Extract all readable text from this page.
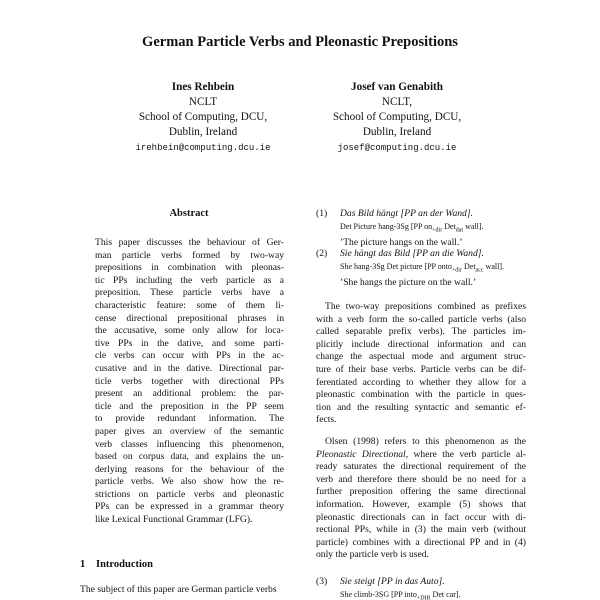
German Particle Verbs and Pleonastic Prepositions
Ines Rehbein
NCLT
School of Computing, DCU,
Dublin, Ireland
irehbein@computing.dcu.ie
Josef van Genabith
NCLT,
School of Computing, DCU,
Dublin, Ireland
josef@computing.dcu.ie
Abstract
This paper discusses the behaviour of Ger-
man particle verbs formed by two-way
prepositions in combination with pleonas-
tic PPs including the verb particle as a
preposition. These particle verbs have a
characteristic feature: some of them li-
cense directional prepositional phrases in
the accusative, some only allow for loca-
tive PPs in the dative, and some parti-
cle verbs can occur with PPs in the ac-
cusative and in the dative. Directional par-
ticle verbs together with directional PPs
present an additional problem: the par-
ticle and the preposition in the PP seem
to provide redundant information. The
paper gives an overview of the semantic
verb classes influencing this phenomenon,
based on corpus data, and explains the un-
derlying reasons for the behaviour of the
particle verbs. We also show how the re-
strictions on particle verbs and pleonastic
PPs can be expressed in a grammar theory
like Lexical Functional Grammar (LFG).
1 Introduction
The subject of this paper are German particle verbs
(1) Das Bild hängt [PP an der Wand].
Det Picture hang-3Sg [PP $on_{+dir}$ Det$_{dat}$ wall].
’The picture hangs on the wall.’
(2) Sie hängt das Bild [PP an die Wand].
She hang-3Sg Det picture [PP onto$_{+dir}$ Det$_{acc}$ wall].
’She hangs the picture on the wall.’
The two-way prepositions combined as prefixes
with a verb form the so-called particle verbs (also
called separable prefix verbs). The particles im-
plicitly include directional information and can
change the aspectual mode and argument struc-
ture of their base verbs. Particle verbs can be dif-
ferentiated according to whether they allow for a
pleonastic combination with the particle in ques-
tion and the resulting syntactic and semantic ef-
fects.
Olsen (1998) refers to this phenomenon as the
Pleonastic Directional, where the verb particle al-
ready saturates the directional requirement of the
verb and therefore there should be no need for a
further preposition offering the same directional
information. However, example (5) shows that
pleonastic directionals can in fact occur with di-
rectional PPs, while in (3) the main verb (without
particle) combines with a directional PP and in (4)
only the particle verb is used.
(3) Sie steigt [PP in das Auto].
She climb-3SG [PP into$_{+DIR}$ Det car].
